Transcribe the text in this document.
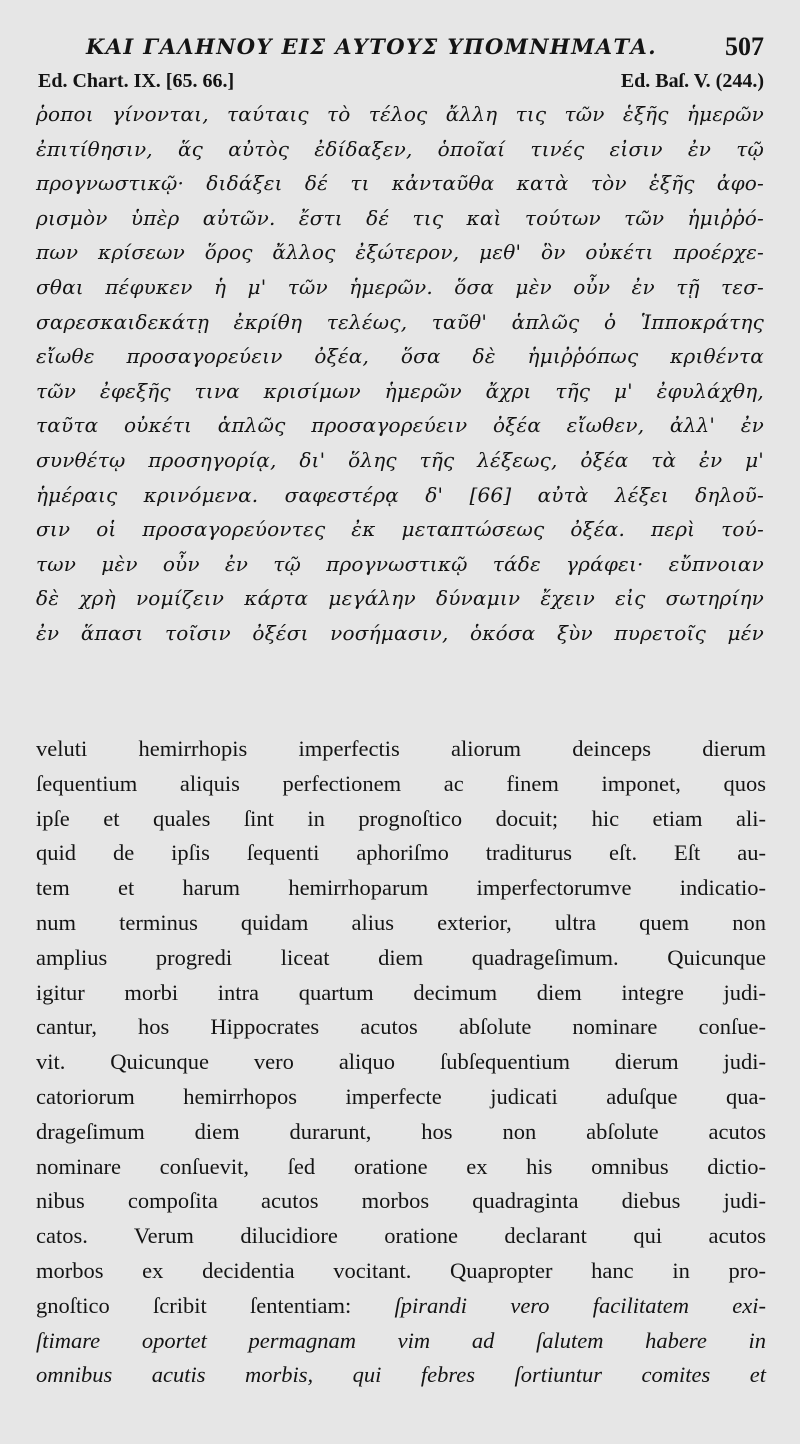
ΚΑΙ ΓΑΛΗΝΟΥ ΕΙΣ ΑΥΤΟΥΣ ΥΠΟΜΝΗΜΑΤΑ.	507
Ed. Chart. IX. [65. 66.]	Ed. Baſ. V. (244.)
ῥοποι γίνονται, ταύταις τὸ τέλος ἄλλη τις τῶν ἑξῆς ἡμερῶν
ἐπιτίθησιν, ἅς αὐτὸς ἐδίδαξεν, ὁποῖαί τινές εἰσιν ἐν τῷ
προγνωστικῷ· διδάξει δέ τι κἀνταῦθα κατὰ τὸν ἑξῆς ἀφο-
ρισμὸν ὑπὲρ αὐτῶν. ἔστι δέ τις καὶ τούτων τῶν ἡμιῤῥό-
πων κρίσεων ὅρος ἄλλος ἐξώτερον, μεθ' ὃν οὐκέτι προέρχε-
σθαι πέφυκεν ἡ μ' τῶν ἡμερῶν. ὅσα μὲν οὖν ἐν τῇ τεσ-
σαρεσκαιδεκάτῃ ἐκρίθη τελέως, ταῦθ' ἁπλῶς ὁ Ἱπποκράτης
εἴωθε προσαγορεύειν ὀξέα, ὅσα δὲ ἡμιῤῥόπως κριθέντα
τῶν ἐφεξῆς τινα κρισίμων ἡμερῶν ἄχρι τῆς μ' ἐφυλάχθη,
ταῦτα οὐκέτι ἁπλῶς προσαγορεύειν ὀξέα εἴωθεν, ἀλλ' ἐν
συνθέτῳ προσηγορίᾳ, δι' ὅλης τῆς λέξεως, ὀξέα τὰ ἐν μ'
ἡμέραις κρινόμενα. σαφεστέρᾳ δ' [66] αὐτὰ λέξει δηλοῦ-
σιν οἱ προσαγορεύοντες ἐκ μεταπτώσεως ὀξέα. περὶ τού-
των μὲν οὖν ἐν τῷ προγνωστικῷ τάδε γράφει· εὔπνοιαν
δὲ χρὴ νομίζειν κάρτα μεγάλην δύναμιν ἔχειν εἰς σωτηρίην
ἐν ἅπασι τοῖσιν ὀξέσι νοσήμασιν, ὁκόσα ξὺν πυρετοῖς μέν
veluti hemirrhopis imperfectis aliorum deinceps dierum
ſequentium aliquis perfectionem ac finem imponet, quos
ipſe et quales ſint in prognoſtico docuit; hic etiam ali-
quid de ipſis ſequenti aphoriſmo traditurus eſt. Eſt au-
tem et harum hemirrhoparum imperfectorumve indicatio-
num terminus quidam alius exterior, ultra quem non
amplius progredi liceat diem quadrageſimum. Quicunque
igitur morbi intra quartum decimum diem integre judi-
cantur, hos Hippocrates acutos abſolute nominare conſue-
vit. Quicunque vero aliquo ſubſequentium dierum judi-
catoriorum hemirrhopos imperfecte judicati aduſque qua-
drageſimum diem durarunt, hos non abſolute acutos
nominare conſuevit, ſed oratione ex his omnibus dictio-
nibus compoſita acutos morbos quadraginta diebus judi-
catos. Verum dilucidiore oratione declarant qui acutos
morbos ex decidentia vocitant. Quapropter hanc in pro-
gnoſtico ſcribit ſententiam: ſpirandi vero facilitatem exi-
ſtimare oportet permagnam vim ad ſalutem habere in
omnibus acutis morbis, qui febres ſortiuntur comites et
